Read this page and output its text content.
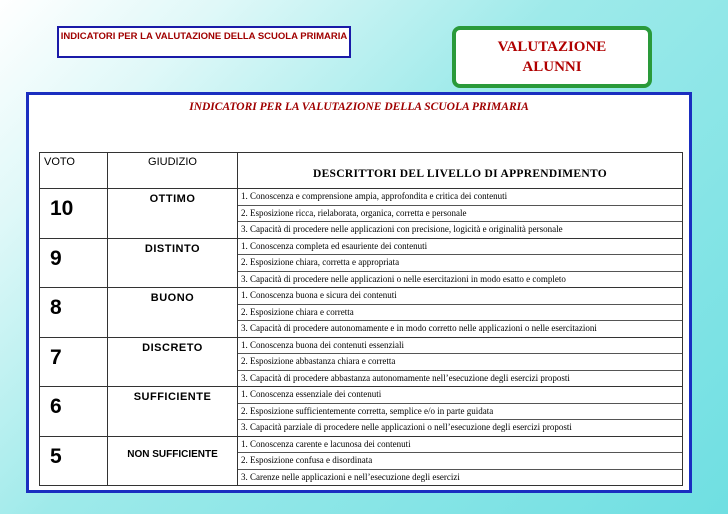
INDICATORI PER LA VALUTAZIONE DELLA SCUOLA PRIMARIA
VALUTAZIONE
ALUNNI
INDICATORI PER LA VALUTAZIONE DELLA SCUOLA PRIMARIA
VOTO	GIUDIZIO	DESCRITTORI DEL LIVELLO DI APPRENDIMENTO
10	OTTIMO	1. Conoscenza e comprensione ampia, approfondita e critica dei contenuti
2. Esposizione ricca, rielaborata, organica, corretta e personale
3. Capacità di procedere nelle applicazioni con precisione, logicità e originalità personale

9	DISTINTO	1. Conoscenza completa ed esauriente dei contenuti
2. Esposizione chiara, corretta e appropriata
3. Capacità di procedere nelle applicazioni o nelle esercitazioni in modo esatto e completo

8	BUONO	1. Conoscenza buona e sicura dei contenuti
2. Esposizione chiara e corretta
3. Capacità di procedere autonomamente e in modo corretto nelle applicazioni o nelle esercitazioni

7	DISCRETO	1. Conoscenza buona dei contenuti essenziali
2. Esposizione abbastanza chiara e corretta
3. Capacità di procedere abbastanza autonomamente nell’esecuzione degli esercizi proposti

6	SUFFICIENTE	1. Conoscenza essenziale dei contenuti
2. Esposizione sufficientemente corretta, semplice e/o in parte guidata
3. Capacità parziale di procedere nelle applicazioni o nell’esecuzione degli esercizi proposti

5	NON SUFFICIENTE	1. Conoscenza carente e lacunosa dei contenuti
2. Esposizione confusa e disordinata
3. Carenze nelle applicazioni e nell’esecuzione degli esercizi
